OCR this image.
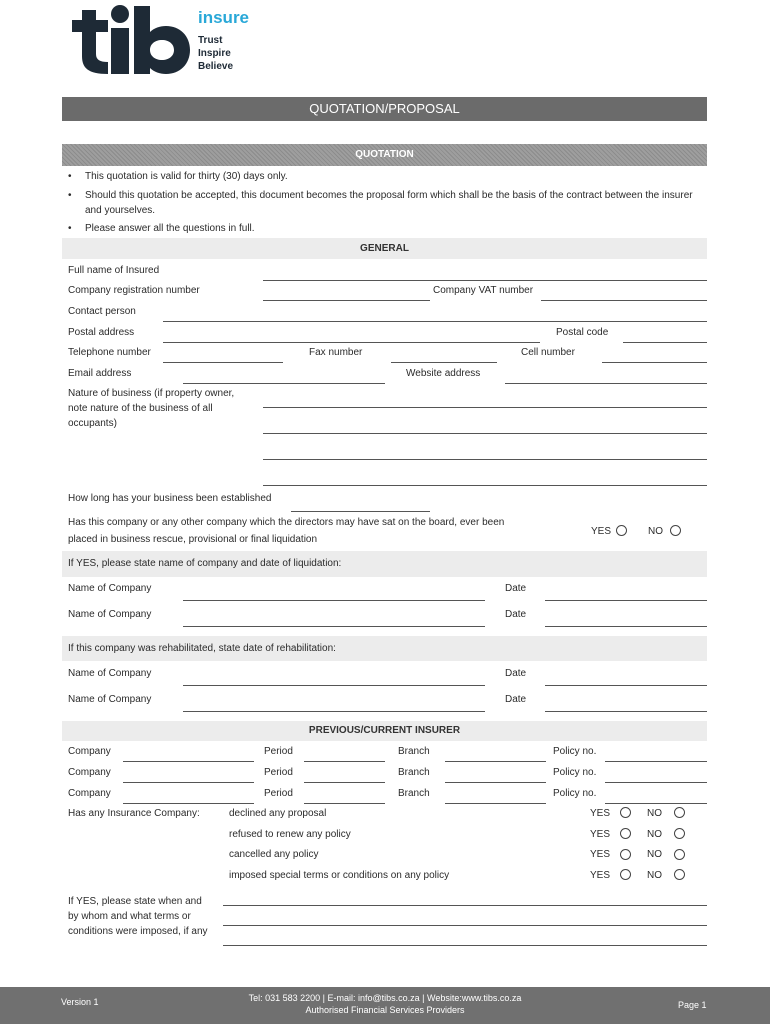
insure
Trust
Inspire
Believe
QUOTATION/PROPOSAL
QUOTATION
• This quotation is valid for thirty (30) days only.
• Should this quotation be accepted, this document becomes the proposal form which shall be the basis of the contract between the insurer and yourselves.
• Please answer all the questions in full.
GENERAL
Full name of Insured
Company registration number	Company VAT number
Contact person
Postal address	Postal code
Telephone number	Fax number	Cell number
Email address	Website address
Nature of business (if property owner,
note nature of the business of all
occupants)
How long has your business been established
Has this company or any other company which the directors may have sat on the board, ever been
placed in business rescue, provisional or final liquidation
YES	NO
If YES, please state name of company and date of liquidation:
Name of Company	Date
Name of Company	Date
If this company was rehabilitated, state date of rehabilitation:
Name of Company	Date
Name of Company	Date
PREVIOUS/CURRENT INSURER
Company	Period	Branch	Policy no.
Company	Period	Branch	Policy no.
Company	Period	Branch	Policy no.
Has any Insurance Company:	declined any proposal	YES	NO
refused to renew any policy	YES	NO
cancelled any policy	YES	NO
imposed special terms or conditions on any policy	YES	NO
If YES, please state when and
by whom and what terms or
conditions were imposed, if any
Version 1	Tel: 031 583 2200 | E-mail: info@tibs.co.za | Website:www.tibs.co.za
Authorised Financial Services Providers	Page 1
